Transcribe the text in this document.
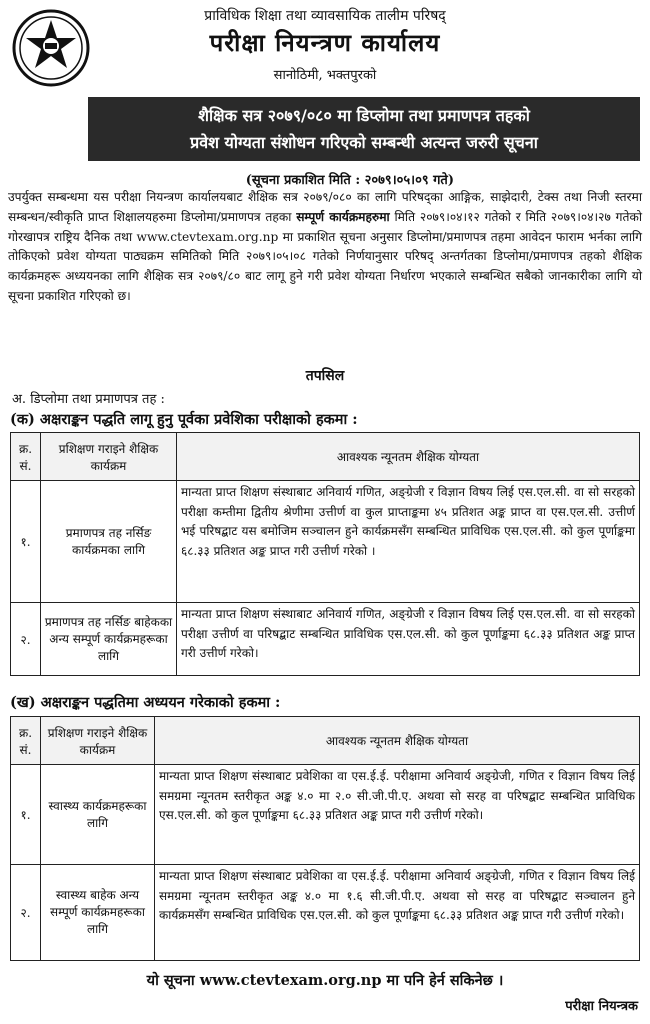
प्राविधिक शिक्षा तथा व्यावसायिक तालीम परिषद्
परीक्षा नियन्त्रण कार्यालय
सानोठिमी, भक्तपुरको
शैक्षिक सत्र २०७९/०८० मा डिप्लोमा तथा प्रमाणपत्र तहको
प्रवेश योग्यता संशोधन गरिएको सम्बन्धी अत्यन्त जरुरी सूचना
(सूचना प्रकाशित मिति : २०७९।०५।०९ गते)
उपर्युक्त सम्बन्धमा यस परीक्षा नियन्त्रण कार्यालयबाट शैक्षिक सत्र २०७९/०८० का लागि परिषद्का आङ्गिक, साझेदारी, टेक्स तथा निजी स्तरमा सम्बन्धन/स्वीकृति प्राप्त शिक्षालयहरुमा डिप्लोमा/प्रमाणपत्र तहका सम्पूर्ण कार्यक्रमहरुमा मिति २०७९।०४।१२ गतेको र मिति २०७९।०४।२७ गतेको गोरखापत्र राष्ट्रिय दैनिक तथा www.ctevtexam.org.np मा प्रकाशित सूचना अनुसार डिप्लोमा/प्रमाणपत्र तहमा आवेदन फाराम भर्नका लागि तोकिएको प्रवेश योग्यता पाठ्यक्रम समितिको मिति २०७९।०५।०८ गतेको निर्णयानुसार परिषद् अन्तर्गतका डिप्लोमा/प्रमाणपत्र तहको शैक्षिक कार्यक्रमहरू अध्ययनका लागि शैक्षिक सत्र २०७९/८० बाट लागू हुने गरी प्रवेश योग्यता निर्धारण भएकाले सम्बन्धित सबैको जानकारीका लागि यो सूचना प्रकाशित गरिएको छ।
तपसिल
अ. डिप्लोमा तथा प्रमाणपत्र तह :
(क) अक्षराङ्कन पद्धति लागू हुनु पूर्वका प्रवेशिका परीक्षाको हकमा :
क्र. सं.	प्रशिक्षण गराइने शैक्षिक कार्यक्रम	आवश्यक न्यूनतम शैक्षिक योग्यता
१.	प्रमाणपत्र तह नर्सिङ कार्यक्रमका लागि	मान्यता प्राप्त शिक्षण संस्थाबाट अनिवार्य गणित, अङ्ग्रेजी र विज्ञान विषय लिई एस.एल.सी. वा सो सरहको परीक्षा कम्तीमा द्वितीय श्रेणीमा उत्तीर्ण वा कुल प्राप्ताङ्कमा ४५ प्रतिशत अङ्क प्राप्त वा एस.एल.सी. उत्तीर्ण भई परिषद्बाट यस बमोजिम सञ्चालन हुने कार्यक्रमसँग सम्बन्धित प्राविधिक एस.एल.सी. को कुल पूर्णाङ्कमा ६८.३३ प्रतिशत अङ्क प्राप्त गरी उत्तीर्ण गरेको ।
२.	प्रमाणपत्र तह नर्सिङ बाहेकका अन्य सम्पूर्ण कार्यक्रमहरूका लागि	मान्यता प्राप्त शिक्षण संस्थाबाट अनिवार्य गणित, अङ्ग्रेजी र विज्ञान विषय लिई एस.एल.सी. वा सो सरहको परीक्षा उत्तीर्ण वा परिषद्बाट सम्बन्धित प्राविधिक एस.एल.सी. को कुल पूर्णाङ्कमा ६८.३३ प्रतिशत अङ्क प्राप्त गरी उत्तीर्ण गरेको।
(ख) अक्षराङ्कन पद्धतिमा अध्ययन गरेकाको हकमा :
क्र. सं.	प्रशिक्षण गराइने शैक्षिक कार्यक्रम	आवश्यक न्यूनतम शैक्षिक योग्यता
१.	स्वास्थ्य कार्यक्रमहरूका लागि	मान्यता प्राप्त शिक्षण संस्थाबाट प्रवेशिका वा एस.ई.ई. परीक्षामा अनिवार्य अङ्ग्रेजी, गणित र विज्ञान विषय लिई समग्रमा न्यूनतम स्तरीकृत अङ्क ४.० मा २.० सी.जी.पी.ए. अथवा सो सरह वा परिषद्बाट सम्बन्धित प्राविधिक एस.एल.सी. को कुल पूर्णाङ्कमा ६८.३३ प्रतिशत अङ्क प्राप्त गरी उत्तीर्ण गरेको।
२.	स्वास्थ्य बाहेक अन्य सम्पूर्ण कार्यक्रमहरूका लागि	मान्यता प्राप्त शिक्षण संस्थाबाट प्रवेशिका वा एस.ई.ई. परीक्षामा अनिवार्य अङ्ग्रेजी, गणित र विज्ञान विषय लिई समग्रमा न्यूनतम स्तरीकृत अङ्क ४.० मा १.६ सी.जी.पी.ए. अथवा सो सरह वा परिषद्बाट सञ्चालन हुने कार्यक्रमसँग सम्बन्धित प्राविधिक एस.एल.सी. को कुल पूर्णाङ्कमा ६८.३३ प्रतिशत अङ्क प्राप्त गरी उत्तीर्ण गरेको।
यो सूचना www.ctevtexam.org.np मा पनि हेर्न सकिनेछ ।
परीक्षा नियन्त्रक
